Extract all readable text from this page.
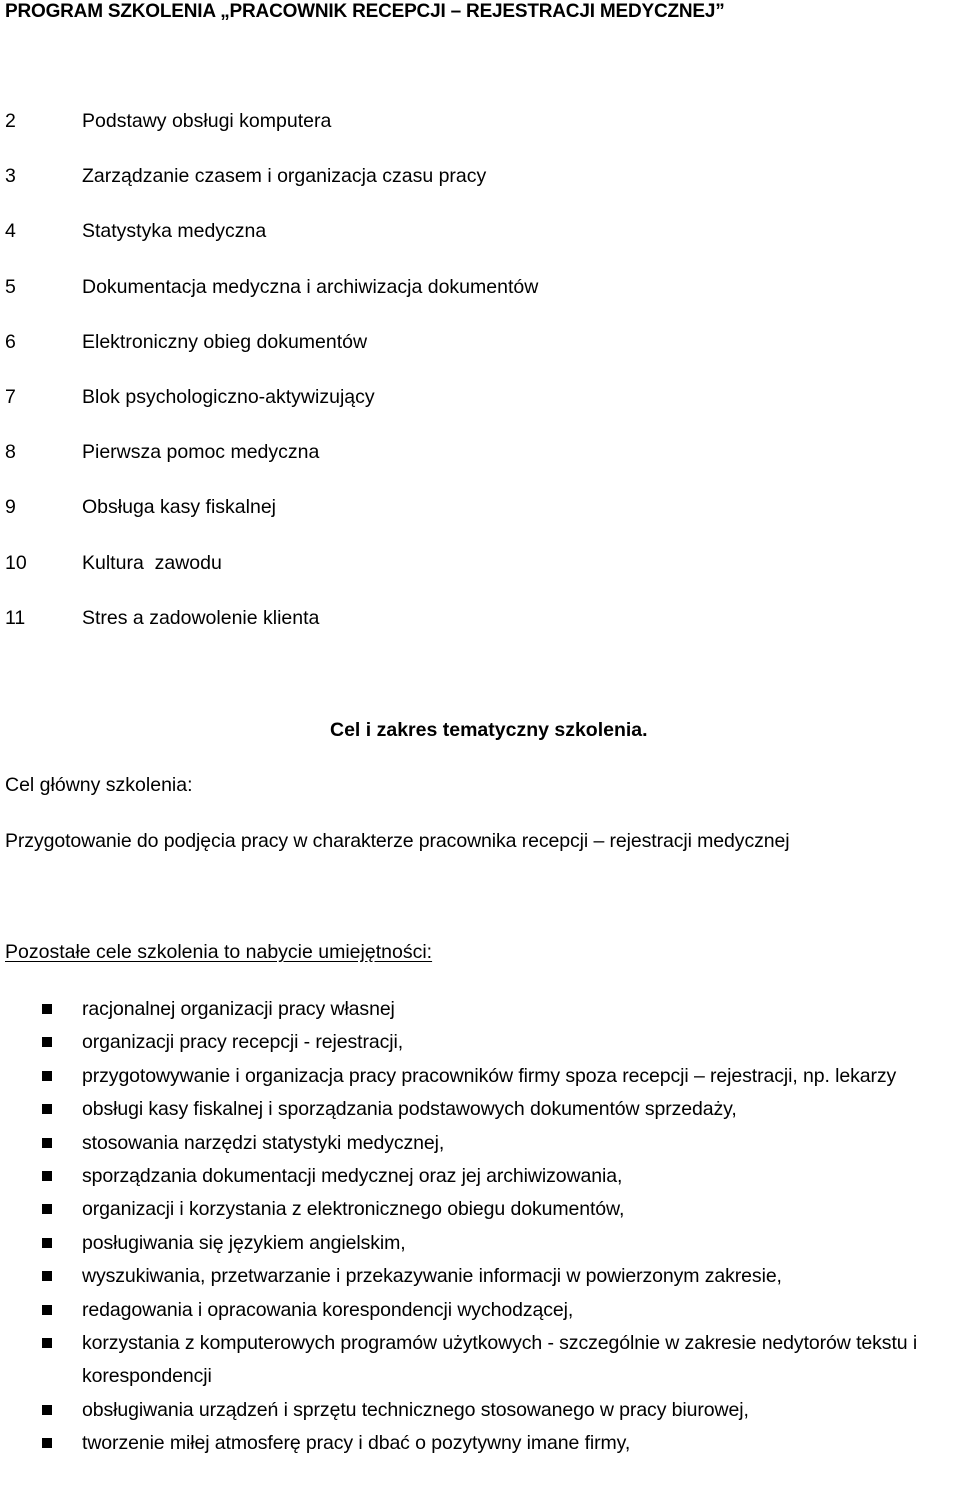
PROGRAM SZKOLENIA „PRACOWNIK RECEPCJI – REJESTRACJI MEDYCZNEJ”
2	Podstawy obsługi komputera
3	Zarządzanie czasem i organizacja czasu pracy
4	Statystyka medyczna
5	Dokumentacja medyczna i archiwizacja dokumentów
6	Elektroniczny obieg dokumentów
7	Blok psychologiczno-aktywizujący
8	Pierwsza pomoc medyczna
9	Obsługa kasy fiskalnej
10	Kultura  zawodu
11	Stres a zadowolenie klienta
Cel i zakres tematyczny szkolenia.
Cel główny szkolenia:
Przygotowanie do podjęcia pracy w charakterze pracownika recepcji – rejestracji medycznej
Pozostałe cele szkolenia to nabycie umiejętności:
racjonalnej organizacji pracy własnej
organizacji pracy recepcji - rejestracji,
przygotowywanie i organizacja pracy pracowników firmy spoza recepcji – rejestracji, np. lekarzy
obsługi kasy fiskalnej i sporządzania podstawowych dokumentów sprzedaży,
stosowania narzędzi statystyki medycznej,
sporządzania dokumentacji medycznej oraz jej archiwizowania,
organizacji i korzystania z elektronicznego obiegu dokumentów,
posługiwania się językiem angielskim,
wyszukiwania, przetwarzanie i przekazywanie informacji w powierzonym zakresie,
redagowania i opracowania korespondencji wychodzącej,
korzystania z komputerowych programów użytkowych - szczególnie w zakresie nedytorów tekstu i korespondencji
obsługiwania urządzeń i sprzętu technicznego stosowanego w pracy biurowej,
tworzenie miłej atmosferę pracy i dbać o pozytywny imane firmy,
